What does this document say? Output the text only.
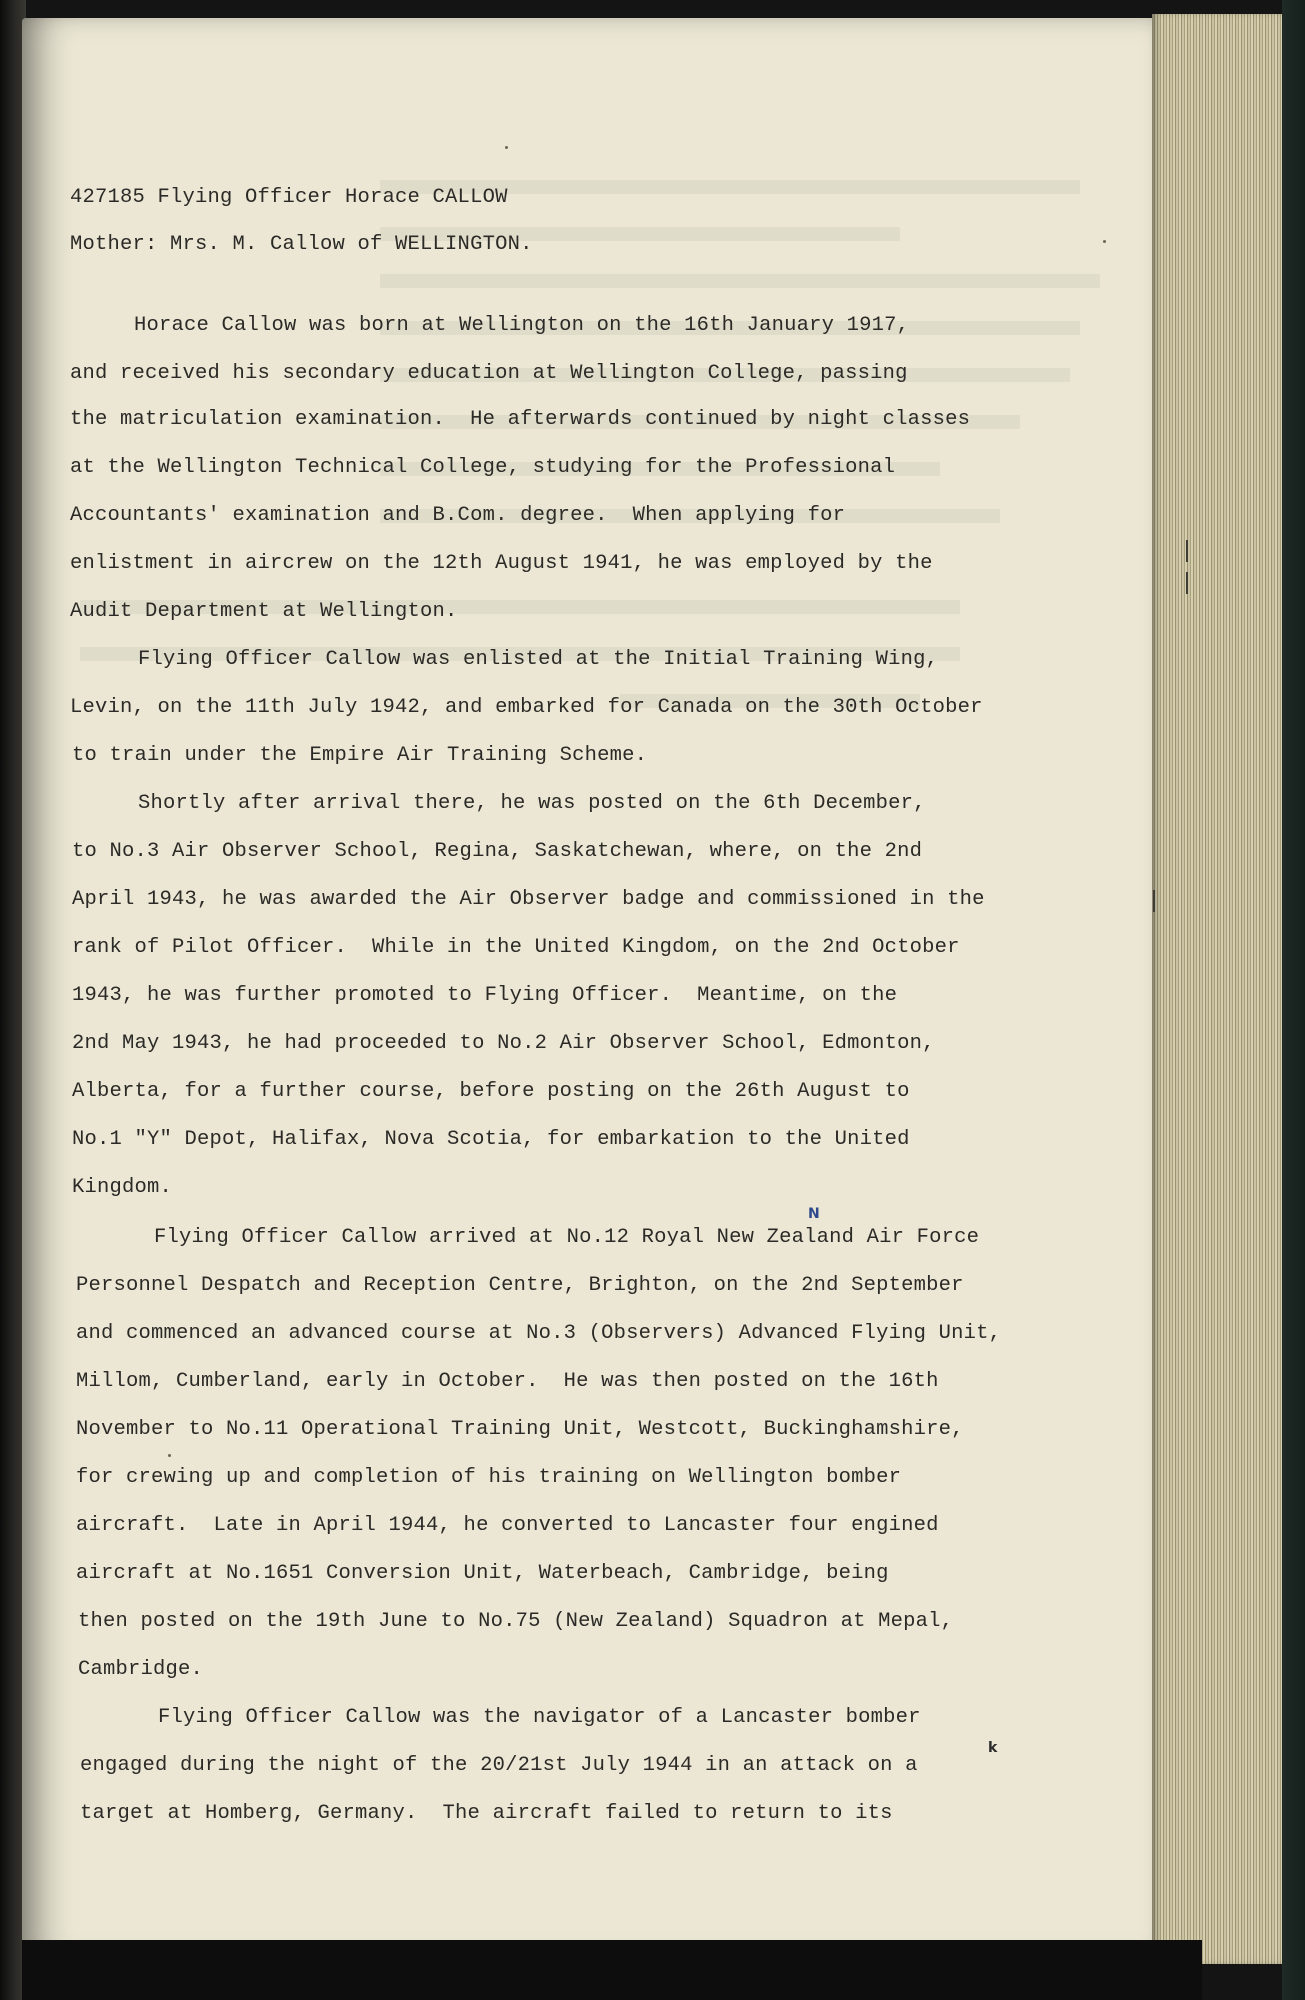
427185 Flying Officer Horace CALLOW
Mother: Mrs. M. Callow of WELLINGTON.
Horace Callow was born at Wellington on the 16th January 1917,
and received his secondary education at Wellington College, passing
the matriculation examination.  He afterwards continued by night classes
at the Wellington Technical College, studying for the Professional
Accountants' examination and B.Com. degree.  When applying for
enlistment in aircrew on the 12th August 1941, he was employed by the
Audit Department at Wellington.
Flying Officer Callow was enlisted at the Initial Training Wing,
Levin, on the 11th July 1942, and embarked for Canada on the 30th October
to train under the Empire Air Training Scheme.
Shortly after arrival there, he was posted on the 6th December,
to No.3 Air Observer School, Regina, Saskatchewan, where, on the 2nd
April 1943, he was awarded the Air Observer badge and commissioned in the
rank of Pilot Officer.  While in the United Kingdom, on the 2nd October
1943, he was further promoted to Flying Officer.  Meantime, on the
2nd May 1943, he had proceeded to No.2 Air Observer School, Edmonton,
Alberta, for a further course, before posting on the 26th August to
No.1 "Y" Depot, Halifax, Nova Scotia, for embarkation to the United
Kingdom.
Flying Officer Callow arrived at No.12 Royal New Zealand Air Force
Personnel Despatch and Reception Centre, Brighton, on the 2nd September
and commenced an advanced course at No.3 (Observers) Advanced Flying Unit,
Millom, Cumberland, early in October.  He was then posted on the 16th
November to No.11 Operational Training Unit, Westcott, Buckinghamshire,
for crewing up and completion of his training on Wellington bomber
aircraft.  Late in April 1944, he converted to Lancaster four engined
aircraft at No.1651 Conversion Unit, Waterbeach, Cambridge, being
then posted on the 19th June to No.75 (New Zealand) Squadron at Mepal,
Cambridge.
Flying Officer Callow was the navigator of a Lancaster bomber
engaged during the night of the 20/21st July 1944 in an attack on a
target at Homberg, Germany.  The aircraft failed to return to its
N
k
